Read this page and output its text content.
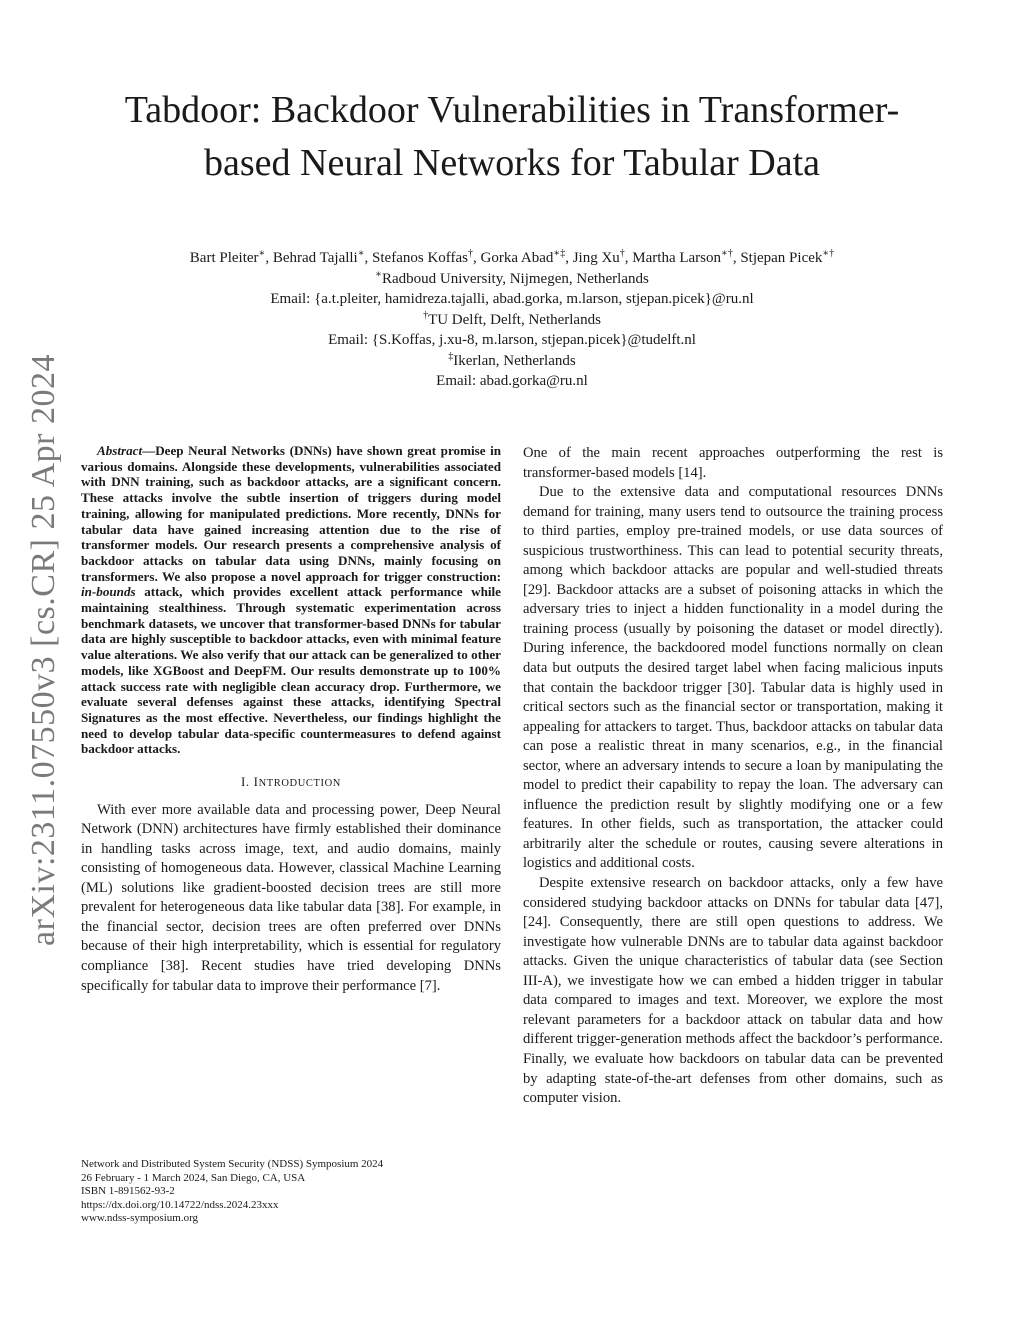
arXiv:2311.07550v3 [cs.CR] 25 Apr 2024
Tabdoor: Backdoor Vulnerabilities in Transformer-based Neural Networks for Tabular Data
Bart Pleiter∗, Behrad Tajalli∗, Stefanos Koffas†, Gorka Abad∗‡, Jing Xu†, Martha Larson∗†, Stjepan Picek∗†
∗Radboud University, Nijmegen, Netherlands
Email: {a.t.pleiter, hamidreza.tajalli, abad.gorka, m.larson, stjepan.picek}@ru.nl
†TU Delft, Delft, Netherlands
Email: {S.Koffas, j.xu-8, m.larson, stjepan.picek}@tudelft.nl
‡Ikerlan, Netherlands
Email: abad.gorka@ru.nl

Abstract—Deep Neural Networks (DNNs) have shown great promise in various domains. Alongside these developments, vulnerabilities associated with DNN training, such as backdoor attacks, are a significant concern. These attacks involve the subtle insertion of triggers during model training, allowing for manipulated predictions. More recently, DNNs for tabular data have gained increasing attention due to the rise of transformer models. Our research presents a comprehensive analysis of backdoor attacks on tabular data using DNNs, mainly focusing on transformers. We also propose a novel approach for trigger construction: in-bounds attack, which provides excellent attack performance while maintaining stealthiness. Through systematic experimentation across benchmark datasets, we uncover that transformer-based DNNs for tabular data are highly susceptible to backdoor attacks, even with minimal feature value alterations. We also verify that our attack can be generalized to other models, like XGBoost and DeepFM. Our results demonstrate up to 100% attack success rate with negligible clean accuracy drop. Furthermore, we evaluate several defenses against these attacks, identifying Spectral Signatures as the most effective. Nevertheless, our findings highlight the need to develop tabular data-specific countermeasures to defend against backdoor attacks.

I. INTRODUCTION

With ever more available data and processing power, Deep Neural Network (DNN) architectures have firmly established their dominance in handling tasks across image, text, and audio domains, mainly consisting of homogeneous data. However, classical Machine Learning (ML) solutions like gradient-boosted decision trees are still more prevalent for heterogeneous data like tabular data [38]. For example, in the financial sector, decision trees are often preferred over DNNs because of their high interpretability, which is essential for regulatory compliance [38]. Recent studies have tried developing DNNs specifically for tabular data to improve their performance [7].

One of the main recent approaches outperforming the rest is transformer-based models [14].

Due to the extensive data and computational resources DNNs demand for training, many users tend to outsource the training process to third parties, employ pre-trained models, or use data sources of suspicious trustworthiness. This can lead to potential security threats, among which backdoor attacks are popular and well-studied threats [29]. Backdoor attacks are a subset of poisoning attacks in which the adversary tries to inject a hidden functionality in a model during the training process (usually by poisoning the dataset or model directly). During inference, the backdoored model functions normally on clean data but outputs the desired target label when facing malicious inputs that contain the backdoor trigger [30]. Tabular data is highly used in critical sectors such as the financial sector or transportation, making it appealing for attackers to target. Thus, backdoor attacks on tabular data can pose a realistic threat in many scenarios, e.g., in the financial sector, where an adversary intends to secure a loan by manipulating the model to predict their capability to repay the loan. The adversary can influence the prediction result by slightly modifying one or a few features. In other fields, such as transportation, the attacker could arbitrarily alter the schedule or routes, causing severe alterations in logistics and additional costs.

Despite extensive research on backdoor attacks, only a few have considered studying backdoor attacks on DNNs for tabular data [47], [24]. Consequently, there are still open questions to address. We investigate how vulnerable DNNs are to tabular data against backdoor attacks. Given the unique characteristics of tabular data (see Section III-A), we investigate how we can embed a hidden trigger in tabular data compared to images and text. Moreover, we explore the most relevant parameters for a backdoor attack on tabular data and how different trigger-generation methods affect the backdoor’s performance. Finally, we evaluate how backdoors on tabular data can be prevented by adapting state-of-the-art defenses from other domains, such as computer vision.

Network and Distributed System Security (NDSS) Symposium 2024
26 February - 1 March 2024, San Diego, CA, USA
ISBN 1-891562-93-2
https://dx.doi.org/10.14722/ndss.2024.23xxx
www.ndss-symposium.org
